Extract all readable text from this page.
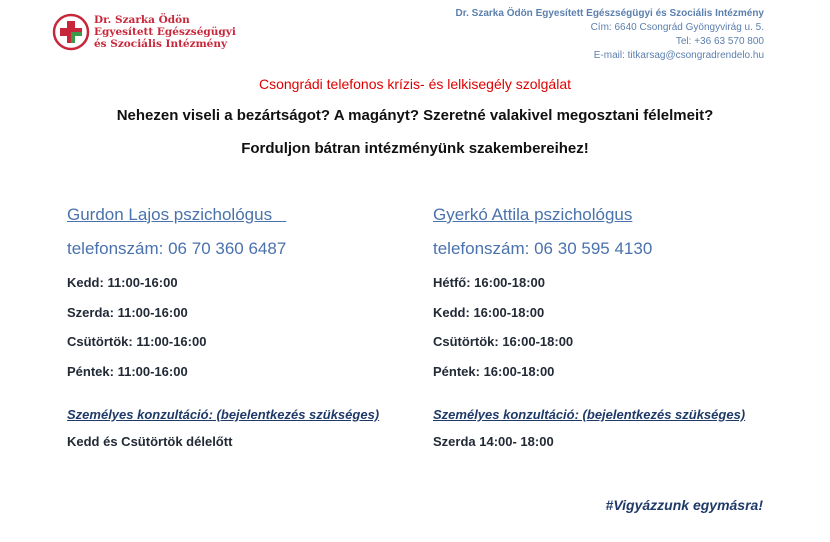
Dr. Szarka Ödön
Egyesített Egészségügyi
és Szociális Intézmény
Dr. Szarka Ödön Egyesített Egészségügyi és Szociális Intézmény
Cím: 6640 Csongrád Gyöngyvirág u. 5.
Tel: +36 63 570 800
E-mail: titkarsag@csongradrendelo.hu
Csongrádi telefonos krízis- és lelkisegély szolgálat
Nehezen viseli a bezártságot? A magányt? Szeretné valakivel megosztani félelmeit?
Forduljon bátran intézményünk szakembereihez!
Gurdon Lajos pszichológus
telefonszám: 06 70 360 6487
Kedd: 11:00-16:00
Szerda: 11:00-16:00
Csütörtök: 11:00-16:00
Péntek: 11:00-16:00
Személyes konzultáció: (bejelentkezés szükséges)
Kedd és Csütörtök délelőtt
Gyerkó Attila pszichológus
telefonszám: 06 30 595 4130
Hétfő: 16:00-18:00
Kedd: 16:00-18:00
Csütörtök: 16:00-18:00
Péntek: 16:00-18:00
Személyes konzultáció: (bejelentkezés szükséges)
Szerda 14:00- 18:00
#Vigyázzunk egymásra!
